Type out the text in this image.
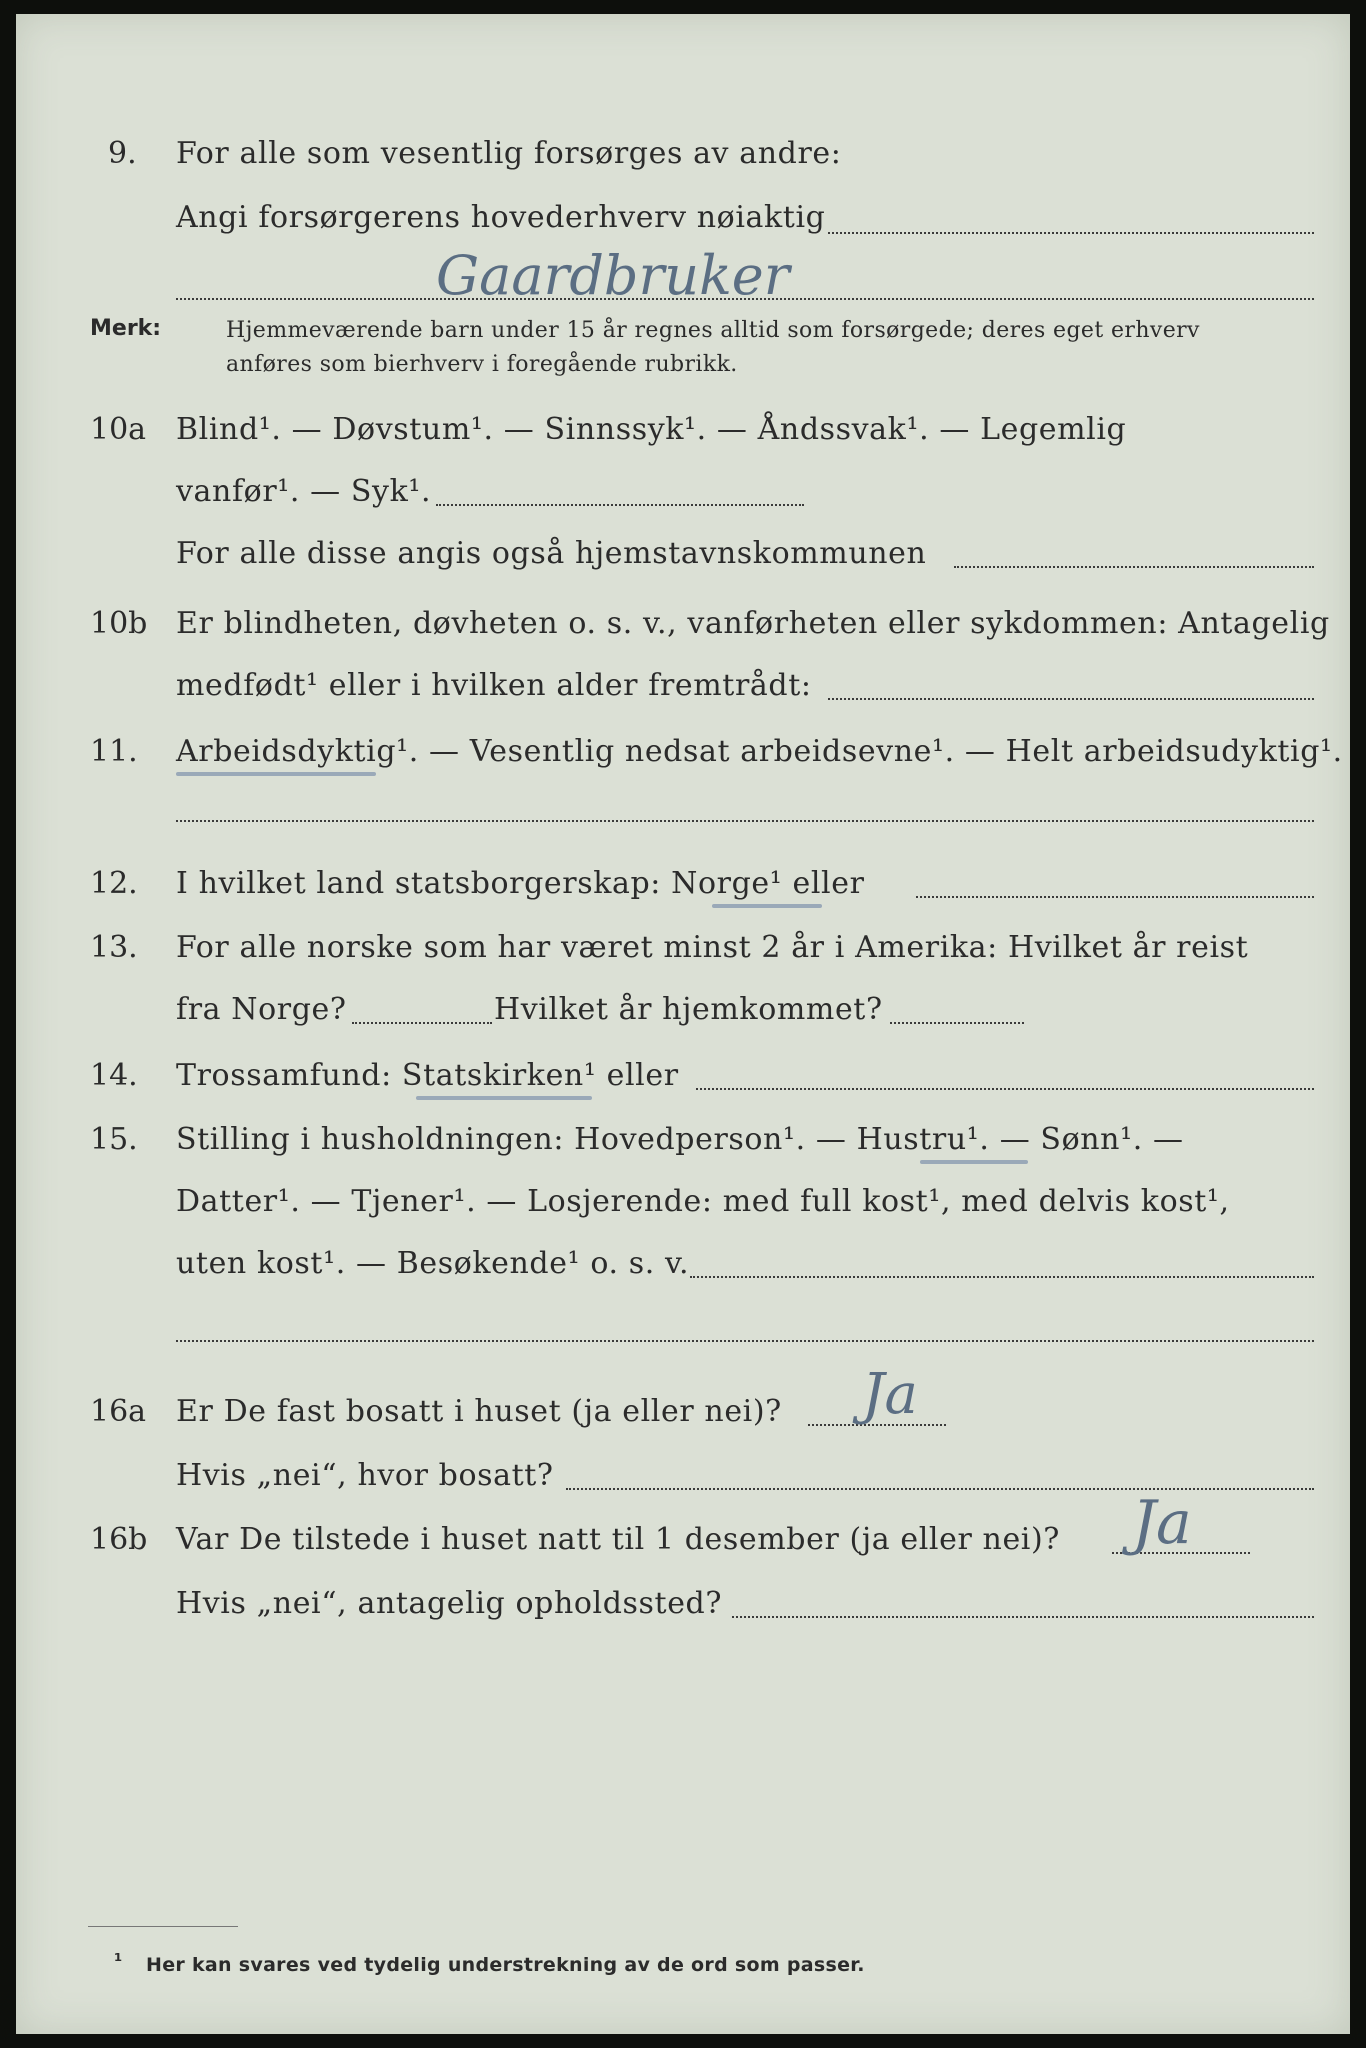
9. For alle som vesentlig forsørges av andre:
Angi forsørgerens hovederhverv nøiaktig
Gaardbruker
Merk:	Hjemmeværende barn under 15 år regnes alltid som forsørgede; deres eget erhverv
anføres som bierhverv i foregående rubrikk.
10a Blind¹. — Døvstum¹. — Sinnssyk¹. — Åndssvak¹. — Legemlig
vanfør¹. — Syk¹.
For alle disse angis også hjemstavnskommunen
10b Er blindheten, døvheten o. s. v., vanførheten eller sykdommen: Antagelig
medfødt¹ eller i hvilken alder fremtrådt:
11. Arbeidsdyktig¹. — Vesentlig nedsat arbeidsevne¹. — Helt arbeidsudyktig¹.
12. I hvilket land statsborgerskap: Norge¹ eller
13. For alle norske som har været minst 2 år i Amerika: Hvilket år reist
fra Norge?	Hvilket år hjemkommet?
14. Trossamfund: Statskirken¹ eller
15. Stilling i husholdningen: Hovedperson¹. — Hustru¹. — Sønn¹. —
Datter¹. — Tjener¹. — Losjerende: med full kost¹, med delvis kost¹,
uten kost¹. — Besøkende¹ o. s. v.
16a Er De fast bosatt i huset (ja eller nei)? Ja
Hvis „nei“, hvor bosatt?
16b Var De tilstede i huset natt til 1 desember (ja eller nei)? Ja
Hvis „nei“, antagelig opholdssted?
¹ Her kan svares ved tydelig understrekning av de ord som passer.
